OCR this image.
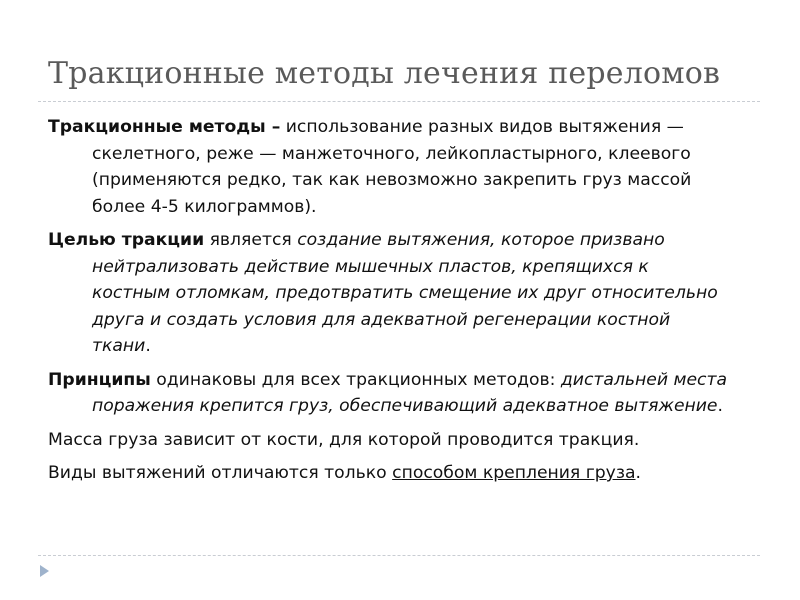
Тракционные методы лечения переломов

Тракционные методы – использование разных видов вытяжения — скелетного, реже — манжеточного, лейкопластырного, клеевого (применяются редко, так как невозможно закрепить груз массой более 4-5 килограммов).

Целью тракции является создание вытяжения, которое призвано нейтрализовать действие мышечных пластов, крепящихся к костным отломкам, предотвратить смещение их друг относительно друга и создать условия для адекватной регенерации костной ткани.

Принципы одинаковы для всех тракционных методов: дистальней места поражения крепится груз, обеспечивающий адекватное вытяжение.

Масса груза зависит от кости, для которой проводится тракция.

Виды вытяжений отличаются только способом крепления груза.
